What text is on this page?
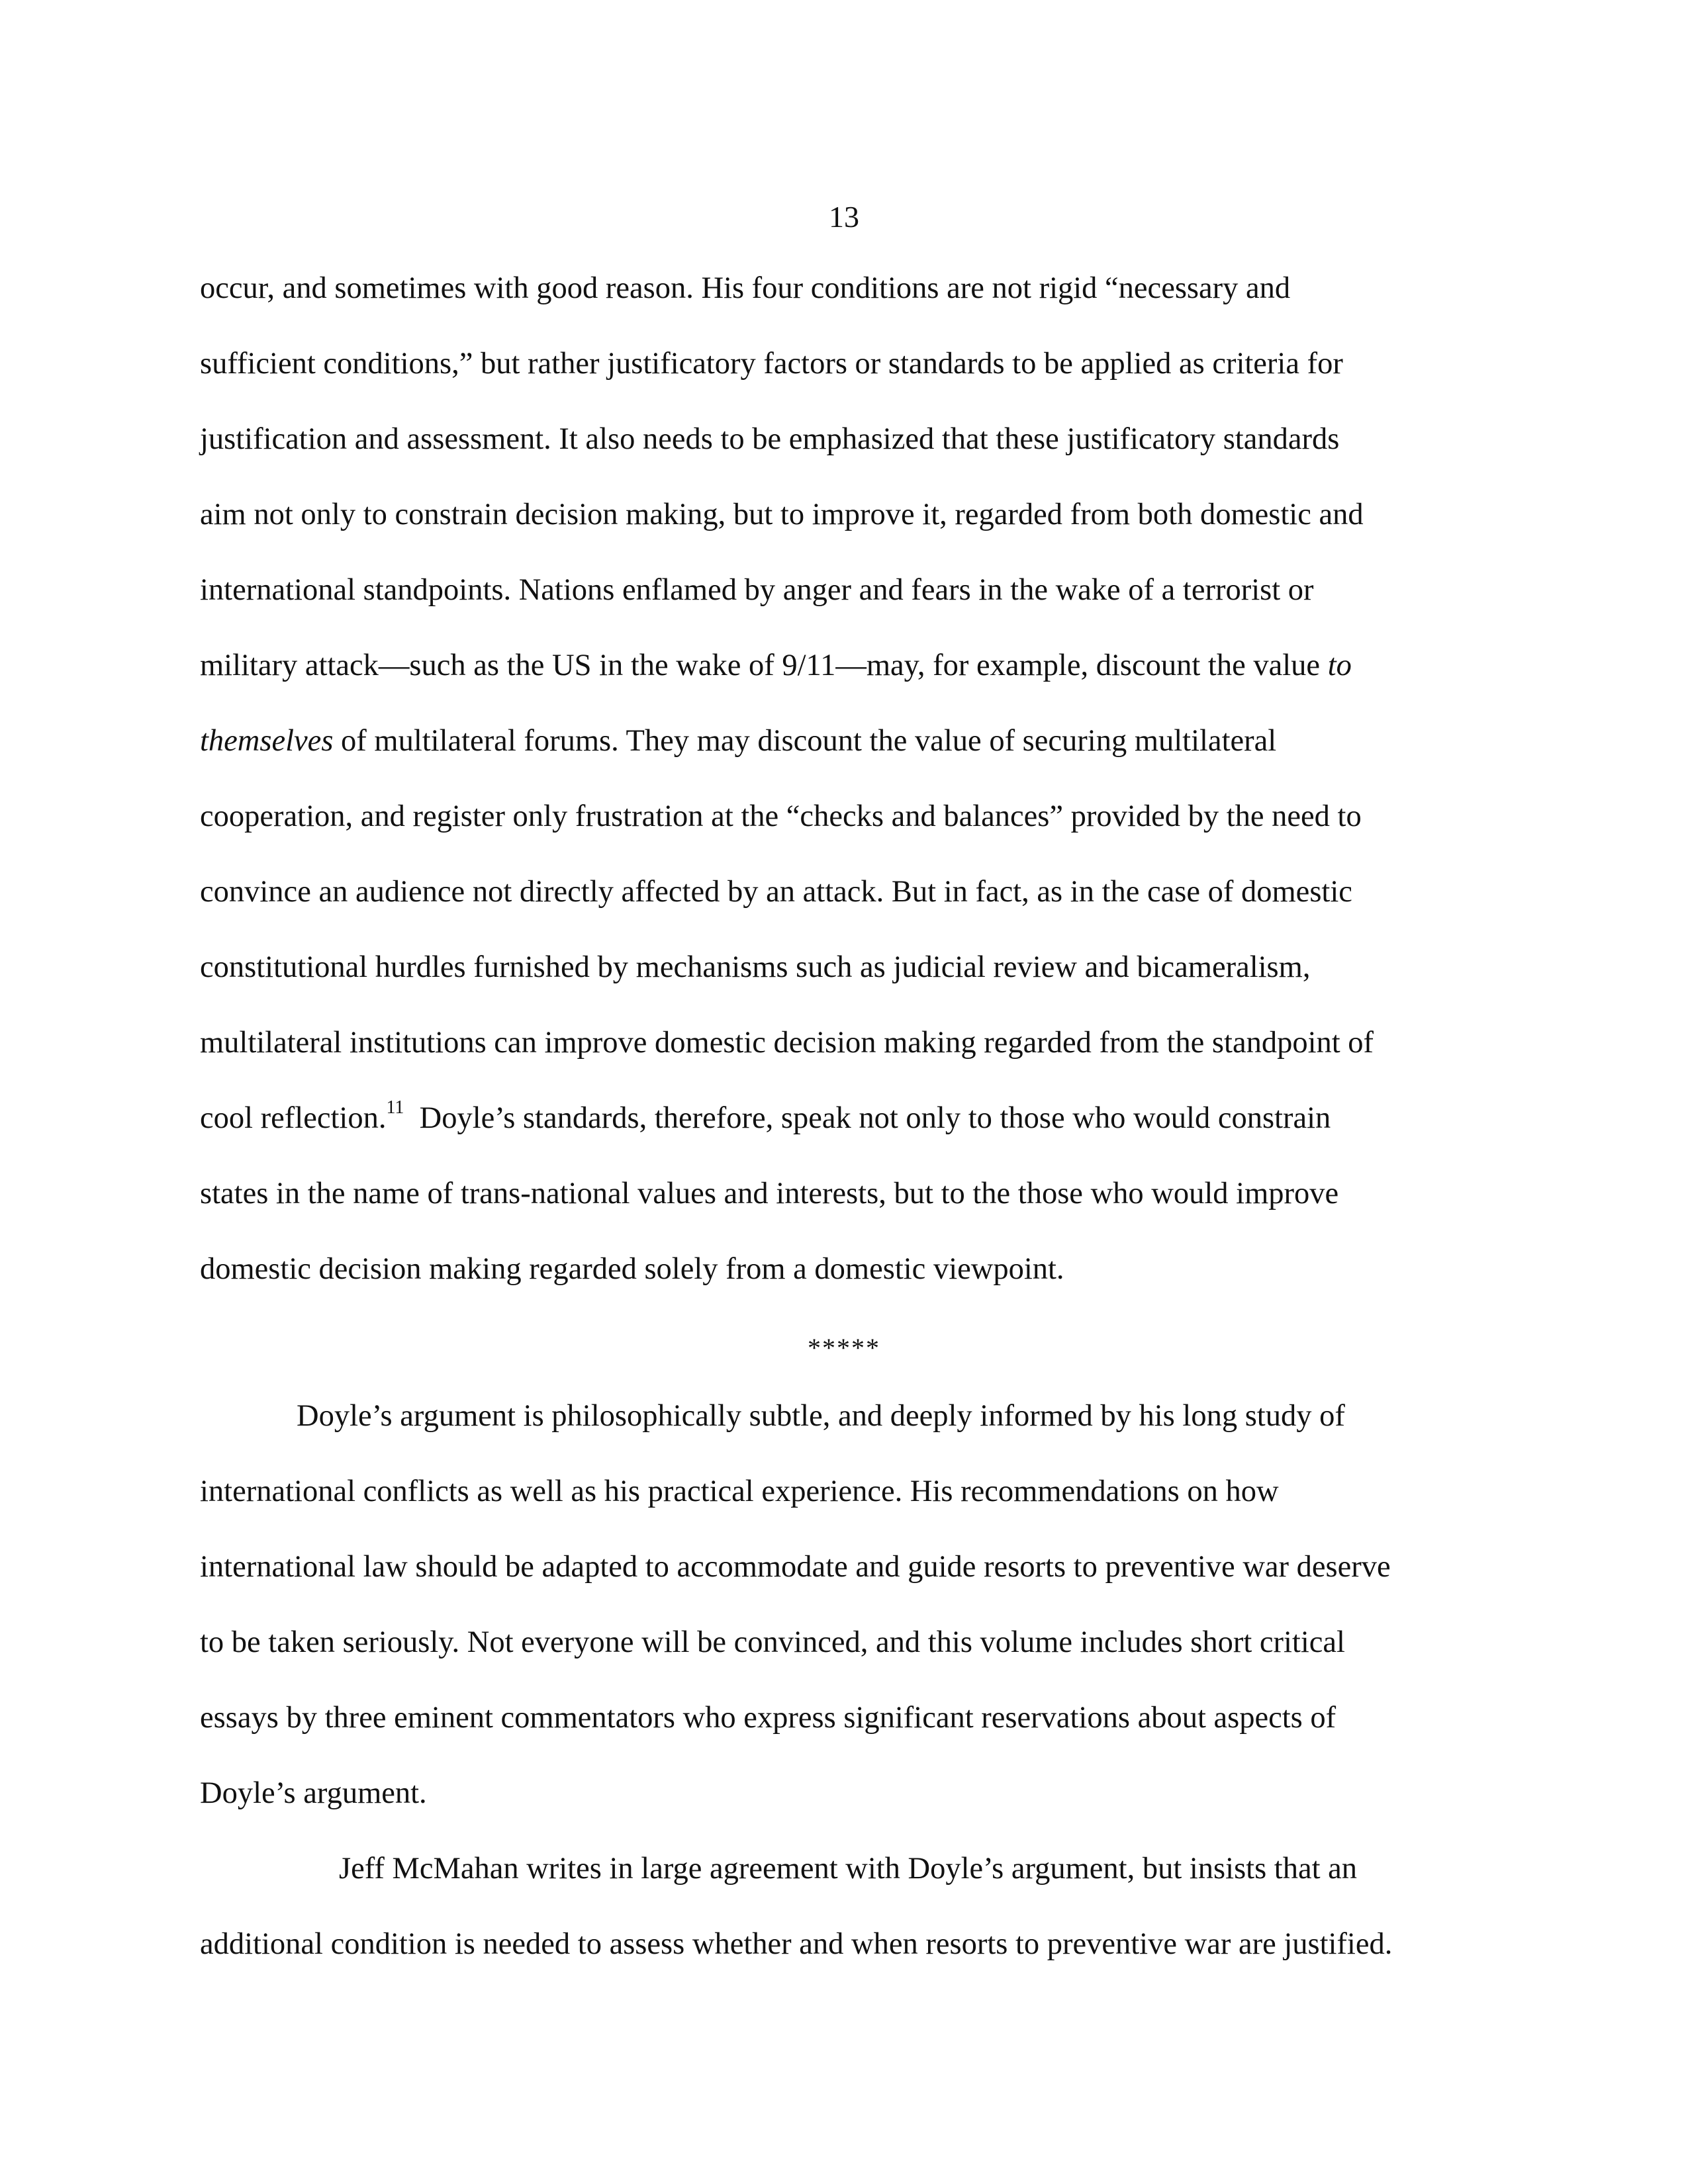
13
occur, and sometimes with good reason. His four conditions are not rigid “necessary and
sufficient conditions,” but rather justificatory factors or standards to be applied as criteria for
justification and assessment. It also needs to be emphasized that these justificatory standards
aim not only to constrain decision making, but to improve it, regarded from both domestic and
international standpoints. Nations enflamed by anger and fears in the wake of a terrorist or
military attack—such as the US in the wake of 9/11—may, for example, discount the value to
themselves of multilateral forums. They may discount the value of securing multilateral
cooperation, and register only frustration at the “checks and balances” provided by the need to
convince an audience not directly affected by an attack. But in fact, as in the case of domestic
constitutional hurdles furnished by mechanisms such as judicial review and bicameralism,
multilateral institutions can improve domestic decision making regarded from the standpoint of
cool reflection.$^{11}$  Doyle’s standards, therefore, speak not only to those who would constrain
states in the name of trans-national values and interests, but to the those who would improve
domestic decision making regarded solely from a domestic viewpoint.
*****
Doyle’s argument is philosophically subtle, and deeply informed by his long study of
international conflicts as well as his practical experience. His recommendations on how
international law should be adapted to accommodate and guide resorts to preventive war deserve
to be taken seriously. Not everyone will be convinced, and this volume includes short critical
essays by three eminent commentators who express significant reservations about aspects of
Doyle’s argument.
Jeff McMahan writes in large agreement with Doyle’s argument, but insists that an
additional condition is needed to assess whether and when resorts to preventive war are justified.
